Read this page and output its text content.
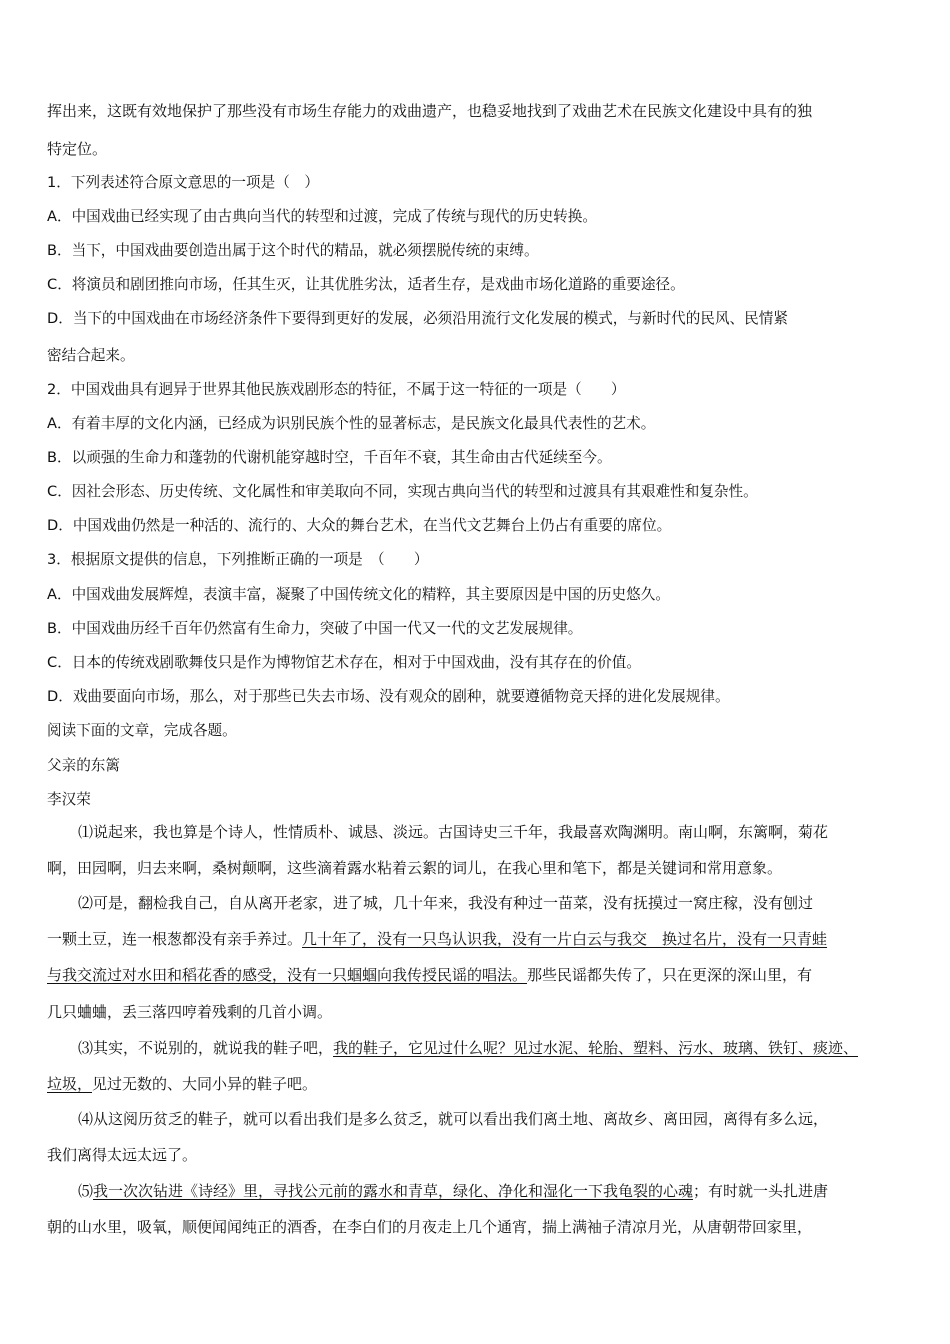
挥出来，这既有效地保护了那些没有市场生存能力的戏曲遗产，也稳妥地找到了戏曲艺术在民族文化建设中具有的独
特定位。
1．下列表述符合原文意思的一项是（　）
A．中国戏曲已经实现了由古典向当代的转型和过渡，完成了传统与现代的历史转换。
B．当下，中国戏曲要创造出属于这个时代的精品，就必须摆脱传统的束缚。
C．将演员和剧团推向市场，任其生灭，让其优胜劣汰，适者生存，是戏曲市场化道路的重要途径。
D．当下的中国戏曲在市场经济条件下要得到更好的发展，必须沿用流行文化发展的模式，与新时代的民风、民情紧
密结合起来。
2．中国戏曲具有迥异于世界其他民族戏剧形态的特征，不属于这一特征的一项是（　　）
A．有着丰厚的文化内涵，已经成为识别民族个性的显著标志，是民族文化最具代表性的艺术。
B．以顽强的生命力和蓬勃的代谢机能穿越时空，千百年不衰，其生命由古代延续至今。
C．因社会形态、历史传统、文化属性和审美取向不同，实现古典向当代的转型和过渡具有其艰难性和复杂性。
D．中国戏曲仍然是一种活的、流行的、大众的舞台艺术，在当代文艺舞台上仍占有重要的席位。
3．根据原文提供的信息，下列推断正确的一项是　（　　）
A．中国戏曲发展辉煌，表演丰富，凝聚了中国传统文化的精粹，其主要原因是中国的历史悠久。
B．中国戏曲历经千百年仍然富有生命力，突破了中国一代又一代的文艺发展规律。
C．日本的传统戏剧歌舞伎只是作为博物馆艺术存在，相对于中国戏曲，没有其存在的价值。
D．戏曲要面向市场，那么，对于那些已失去市场、没有观众的剧种，就要遵循物竞天择的进化发展规律。
阅读下面的文章，完成各题。
父亲的东篱
李汉荣
⑴说起来，我也算是个诗人，性情质朴、诚恳、淡远。古国诗史三千年，我最喜欢陶渊明。南山啊，东篱啊，菊花
啊，田园啊，归去来啊，桑树颠啊，这些滴着露水粘着云絮的词儿，在我心里和笔下，都是关键词和常用意象。
⑵可是，翻检我自己，自从离开老家，进了城，几十年来，我没有种过一苗菜，没有抚摸过一窝庄稼，没有刨过
一颗土豆，连一根葱都没有亲手养过。几十年了，没有一只鸟认识我，没有一片白云与我交　换过名片，没有一只青蛙
与我交流过对水田和稻花香的感受，没有一只蝈蝈向我传授民谣的唱法。那些民谣都失传了，只在更深的深山里，有
几只蛐蛐，丢三落四哼着残剩的几首小调。
⑶其实，不说别的，就说我的鞋子吧，我的鞋子，它见过什么呢？见过水泥、轮胎、塑料、污水、玻璃、铁钉、痰迹、
垃圾，见过无数的、大同小异的鞋子吧。
⑷从这阅历贫乏的鞋子，就可以看出我们是多么贫乏，就可以看出我们离土地、离故乡、离田园，离得有多么远，
我们离得太远太远了。
⑸我一次次钻进《诗经》里，寻找公元前的露水和青草，绿化、净化和湿化一下我龟裂的心魂；有时就一头扎进唐
朝的山水里，吸氧，顺便闻闻纯正的酒香，在李白们的月夜走上几个通宵，揣上满袖子清凉月光，从唐朝带回家里，
